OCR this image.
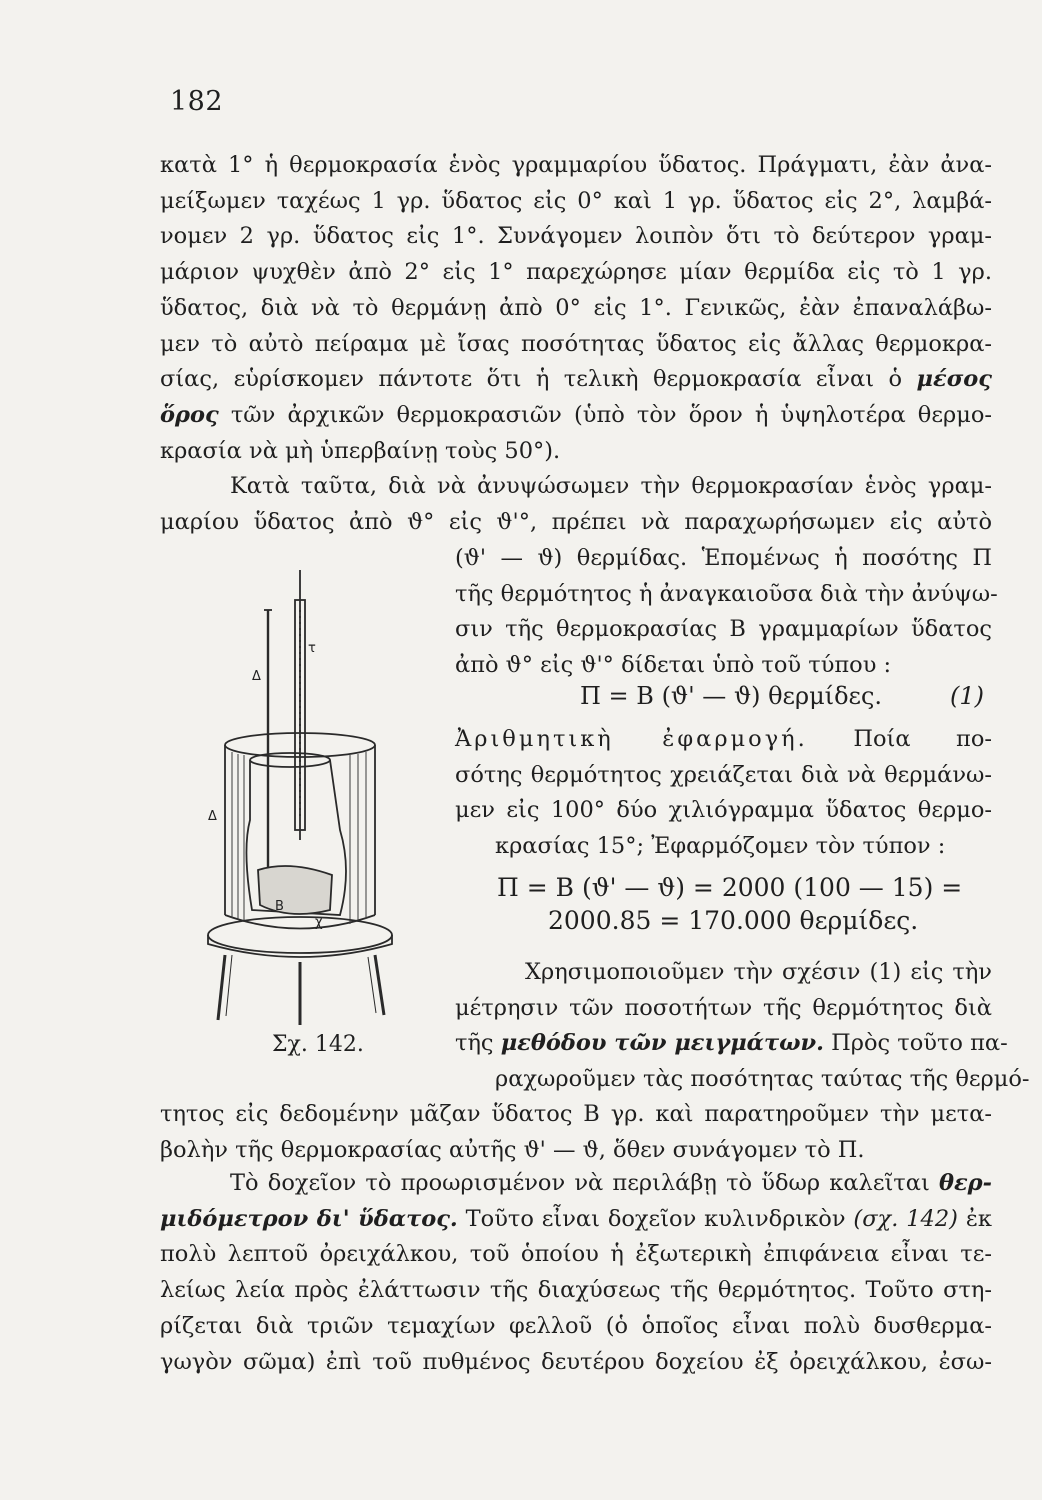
182
κατὰ 1° ἡ θερμοκρασία ἑνὸς γραμμαρίου ὕδατος. Πράγματι, ἐὰν ἀνα-
μείξωμεν ταχέως 1 γρ. ὕδατος εἰς 0° καὶ 1 γρ. ὕδατος εἰς 2°, λαμβά-
νομεν 2 γρ. ὕδατος εἰς 1°. Συνάγομεν λοιπὸν ὅτι τὸ δεύτερον γραμ-
μάριον ψυχθὲν ἀπὸ 2° εἰς 1° παρεχώρησε μίαν θερμίδα εἰς τὸ 1 γρ.
ὕδατος, διὰ νὰ τὸ θερμάνῃ ἀπὸ 0° εἰς 1°. Γενικῶς, ἐὰν ἐπαναλάβω-
μεν τὸ αὐτὸ πείραμα μὲ ἴσας ποσότητας ὕδατος εἰς ἄλλας θερμοκρα-
σίας, εὑρίσκομεν πάντοτε ὅτι ἡ τελικὴ θερμοκρασία εἶναι ὁ μέσος
ὅρος τῶν ἀρχικῶν θερμοκρασιῶν (ὑπὸ τὸν ὅρον ἡ ὑψηλοτέρα θερμο-
κρασία νὰ μὴ ὑπερβαίνῃ τοὺς 50°).
Κατὰ ταῦτα, διὰ νὰ ἀνυψώσωμεν τὴν θερμοκρασίαν ἑνὸς γραμ-
μαρίου ὕδατος ἀπὸ ϑ° εἰς ϑ'°, πρέπει νὰ παραχωρήσωμεν εἰς αὐτὸ
(ϑ' — ϑ) θερμίδας. Ἑπομένως ἡ ποσότης Π
τῆς θερμότητος ἡ ἀναγκαιοῦσα διὰ τὴν ἀνύψω-
σιν τῆς θερμοκρασίας Β γραμμαρίων ὕδατος
ἀπὸ ϑ° εἰς ϑ'° δίδεται ὑπὸ τοῦ τύπου :
Π = Β (ϑ' — ϑ) θερμίδες.	(1)
Ἀριθμητικὴ ἐφαρμογή. Ποία πο-
σότης θερμότητος χρειάζεται διὰ νὰ θερμάνω-
μεν εἰς 100° δύο χιλιόγραμμα ὕδατος θερμο-
κρασίας 15°; Ἐφαρμόζομεν τὸν τύπον :
Π = Β (ϑ' — ϑ) = 2000 (100 — 15) =
2000.85 = 170.000 θερμίδες.
Χρησιμοποιοῦμεν τὴν σχέσιν (1) εἰς τὴν
μέτρησιν τῶν ποσοτήτων τῆς θερμότητος διὰ
τῆς μεθόδου τῶν μειγμάτων. Πρὸς τοῦτο πα-
ραχωροῦμεν τὰς ποσότητας ταύτας τῆς θερμό-
τητος εἰς δεδομένην μᾶζαν ὕδατος Β γρ. καὶ παρατηροῦμεν τὴν μετα-
βολὴν τῆς θερμοκρασίας αὐτῆς ϑ' — ϑ, ὅθεν συνάγομεν τὸ Π.
Τὸ δοχεῖον τὸ προωρισμένον νὰ περιλάβῃ τὸ ὕδωρ καλεῖται θερ-
μιδόμετρον δι' ὕδατος. Τοῦτο εἶναι δοχεῖον κυλινδρικὸν (σχ. 142) ἐκ
πολὺ λεπτοῦ ὀρειχάλκου, τοῦ ὁποίου ἡ ἐξωτερικὴ ἐπιφάνεια εἶναι τε-
λείως λεία πρὸς ἐλάττωσιν τῆς διαχύσεως τῆς θερμότητος. Τοῦτο στη-
ρίζεται διὰ τριῶν τεμαχίων φελλοῦ (ὁ ὁποῖος εἶναι πολὺ δυσθερμα-
γωγὸν σῶμα) ἐπὶ τοῦ πυθμένος δευτέρου δοχείου ἐξ ὀρειχάλκου, ἐσω-
Δ
Δ
τ
Β
χ
Σχ. 142.
